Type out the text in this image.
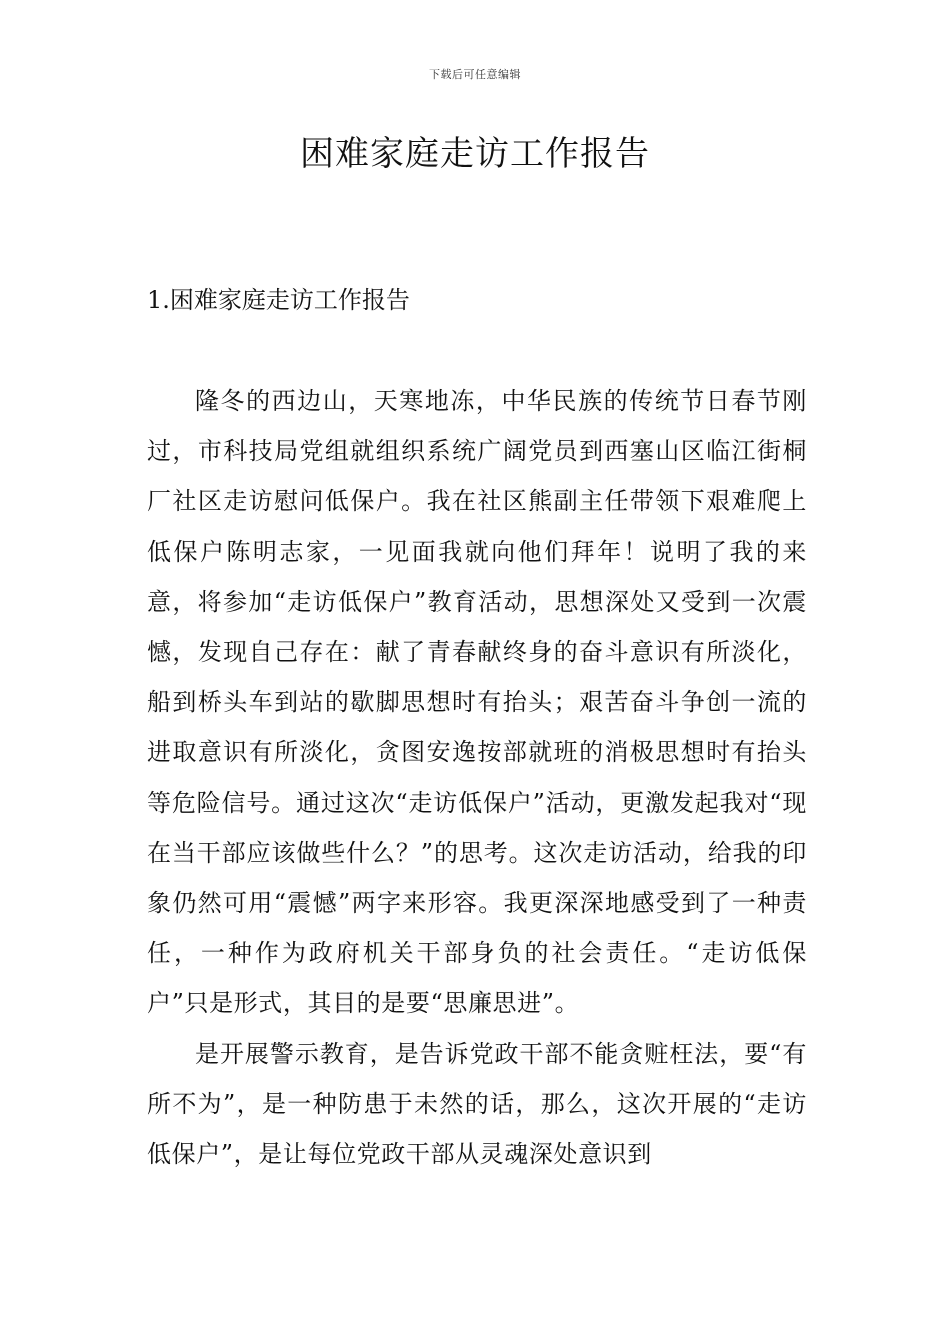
下载后可任意编辑
困难家庭走访工作报告
1.困难家庭走访工作报告

隆冬的西边山，天寒地冻，中华民族的传统节日春节刚过，市科技局党组就组织系统广阔党员到西塞山区临江街桐厂社区走访慰问低保户。我在社区熊副主任带领下艰难爬上低保户陈明志家，一见面我就向他们拜年！说明了我的来意，将参加“走访低保户”教育活动，思想深处又受到一次震憾，发现自己存在：献了青春献终身的奋斗意识有所淡化，船到桥头车到站的歇脚思想时有抬头；艰苦奋斗争创一流的进取意识有所淡化，贪图安逸按部就班的消极思想时有抬头等危险信号。通过这次“走访低保户”活动，更激发起我对“现在当干部应该做些什么？”的思考。这次走访活动，给我的印象仍然可用“震憾”两字来形容。我更深深地感受到了一种责任，一种作为政府机关干部身负的社会责任。“走访低保户”只是形式，其目的是要“思廉思进”。

是开展警示教育，是告诉党政干部不能贪赃枉法，要“有所不为”，是一种防患于未然的话，那么，这次开展的“走访低保户”，是让每位党政干部从灵魂深处意识到
